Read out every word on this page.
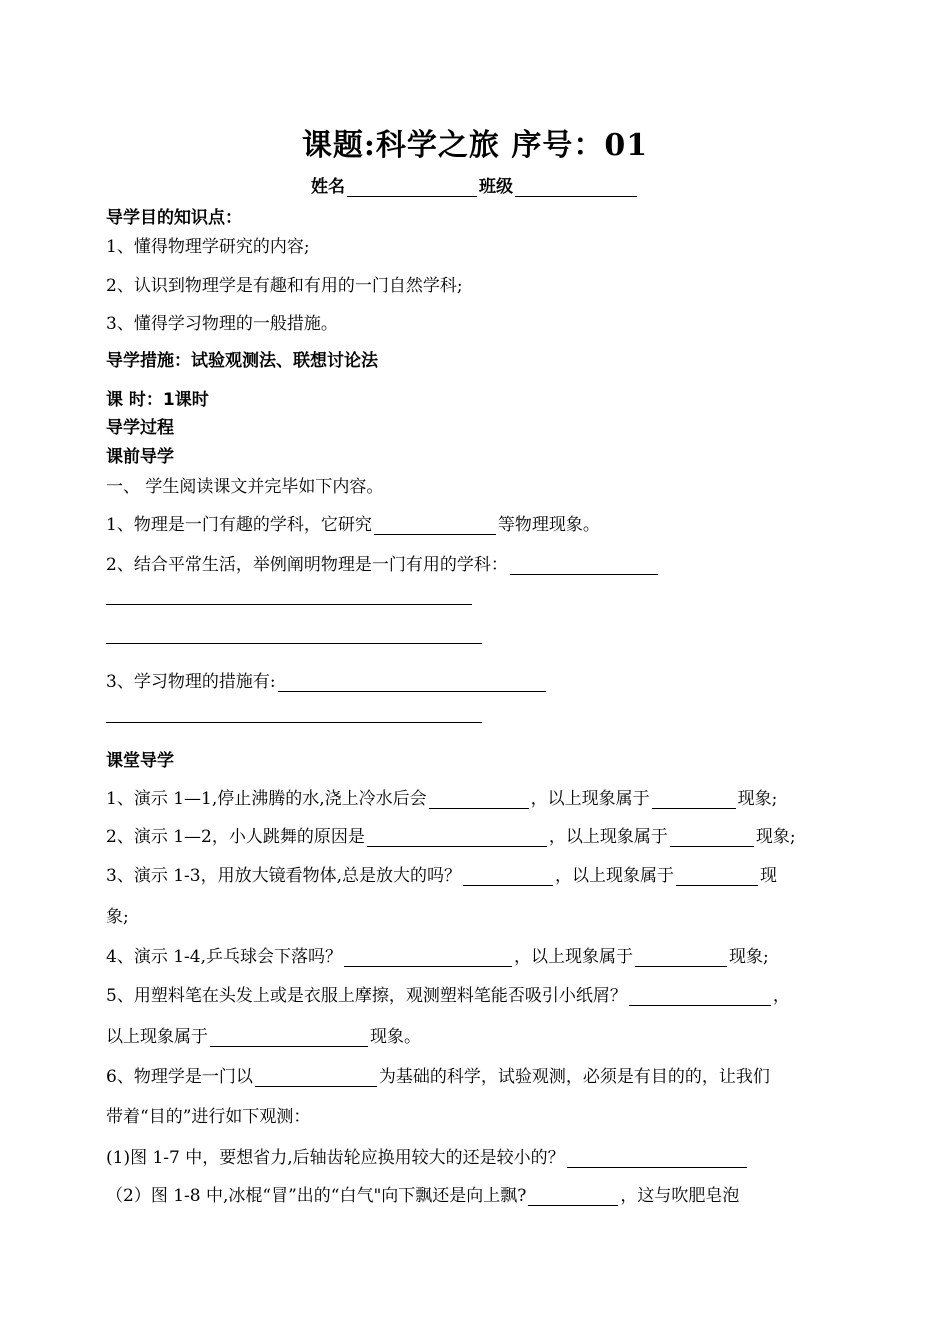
课题:科学之旅 序号：01
姓名	班级
导学目的知识点：
1、懂得物理学研究的内容;
2、认识到物理学是有趣和有用的一门自然学科;
3、懂得学习物理的一般措施。
导学措施：试验观测法、联想讨论法
课 时：1课时
导学过程
课前导学
一、 学生阅读课文并完毕如下内容。
1、物理是一门有趣的学科，它研究	等物理现象。
2、结合平常生活，举例阐明物理是一门有用的学科：
3、学习物理的措施有:
课堂导学
1、演示 1—1,停止沸腾的水,浇上冷水后会	，以上现象属于	现象;
2、演示 1—2，小人跳舞的原因是	，以上现象属于	现象;
3、演示 1-3，用放大镜看物体,总是放大的吗？	，以上现象属于	现
象;
4、演示 1-4,乒乓球会下落吗？	，以上现象属于	现象;
5、用塑料笔在头发上或是衣服上摩擦，观测塑料笔能否吸引小纸屑？	，
以上现象属于	现象。
6、物理学是一门以	为基础的科学，试验观测，必须是有目的的，让我们
带着“目的”进行如下观测：
(1)图 1-7 中，要想省力,后轴齿轮应换用较大的还是较小的？
（2）图 1-8 中,冰棍“冒”出的“白气"向下飘还是向上飘?	，这与吹肥皂泡
